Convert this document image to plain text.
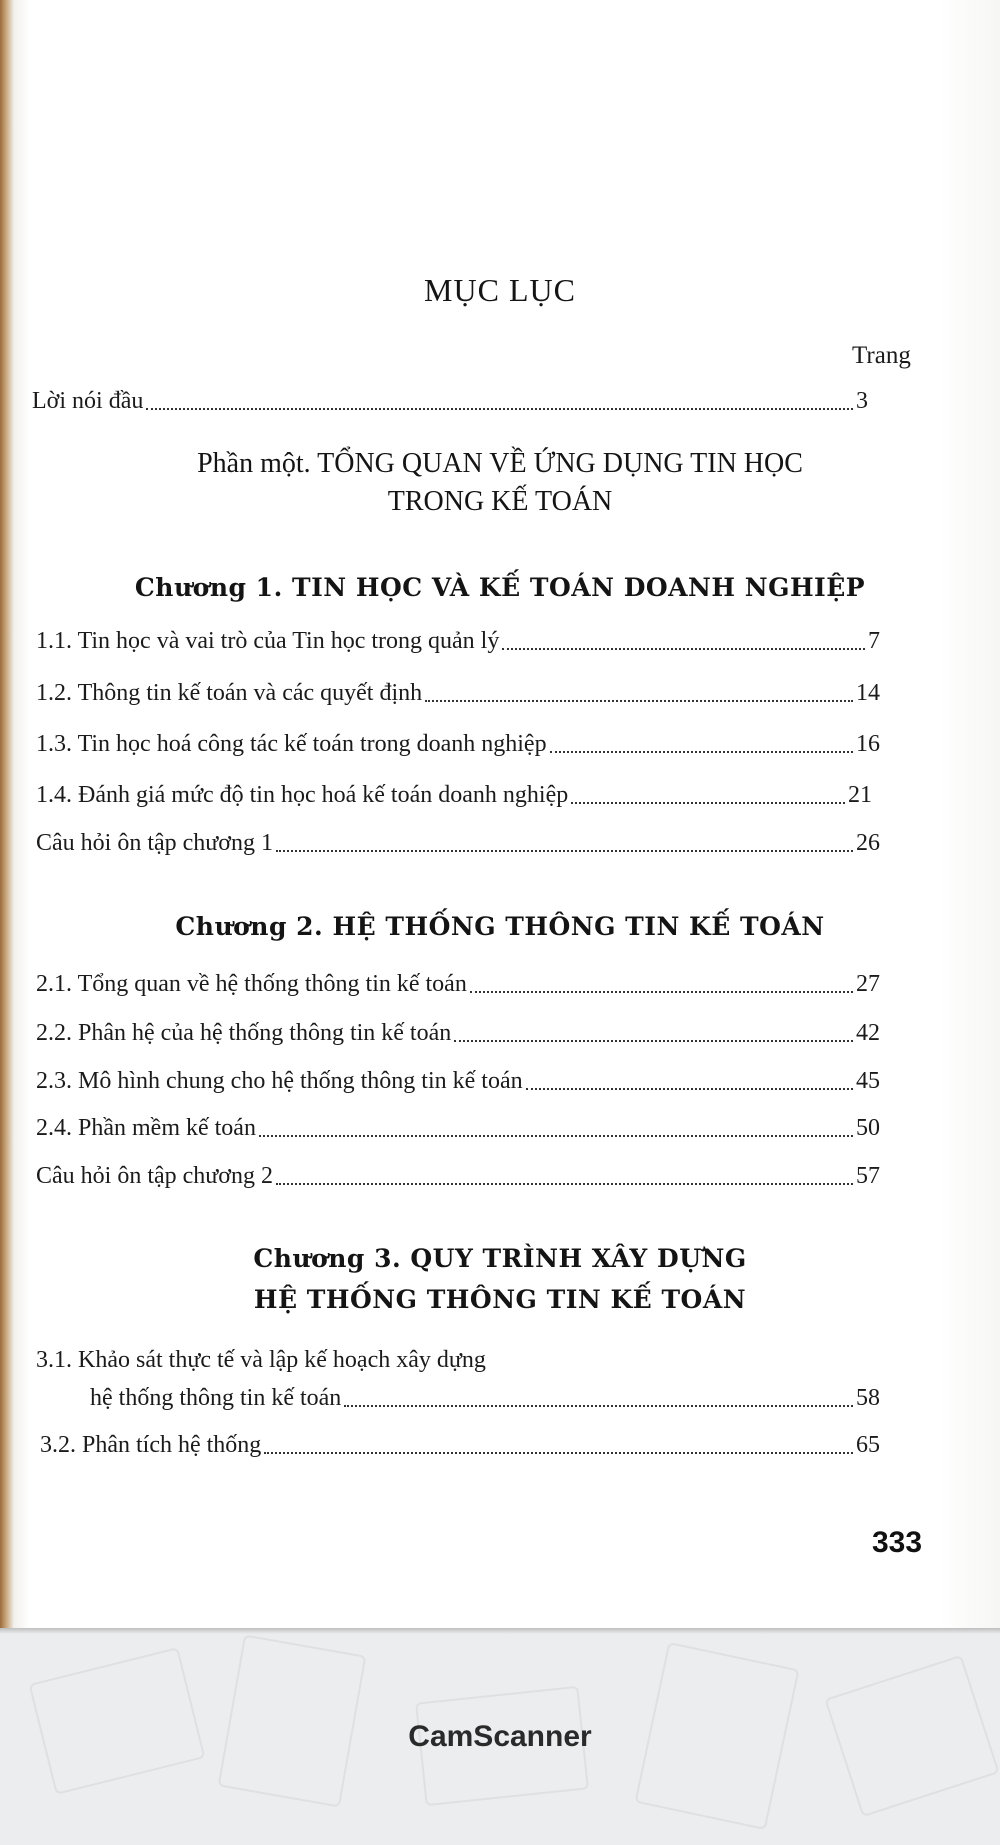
MỤC LỤC
Trang
Lời nói đầu	3
Phần một. TỔNG QUAN VỀ ỨNG DỤNG TIN HỌC
TRONG KẾ TOÁN
Chương 1. TIN HỌC VÀ KẾ TOÁN DOANH NGHIỆP
1.1. Tin học và vai trò của Tin học trong quản lý	7
1.2. Thông tin kế toán và các quyết định	14
1.3. Tin học hoá công tác kế toán trong doanh nghiệp	16
1.4. Đánh giá mức độ tin học hoá kế toán doanh nghiệp	21
Câu hỏi ôn tập chương 1	26
Chương 2. HỆ THỐNG THÔNG TIN KẾ TOÁN
2.1. Tổng quan về hệ thống thông tin kế toán	27
2.2. Phân hệ của hệ thống thông tin kế toán	42
2.3. Mô hình chung cho hệ thống thông tin kế toán	45
2.4. Phần mềm kế toán	50
Câu hỏi ôn tập chương 2	57
Chương 3. QUY TRÌNH XÂY DỰNG
HỆ THỐNG THÔNG TIN KẾ TOÁN
3.1. Khảo sát thực tế và lập kế hoạch xây dựng
hệ thống thông tin kế toán	58
3.2. Phân tích hệ thống	65
333
CamScanner
